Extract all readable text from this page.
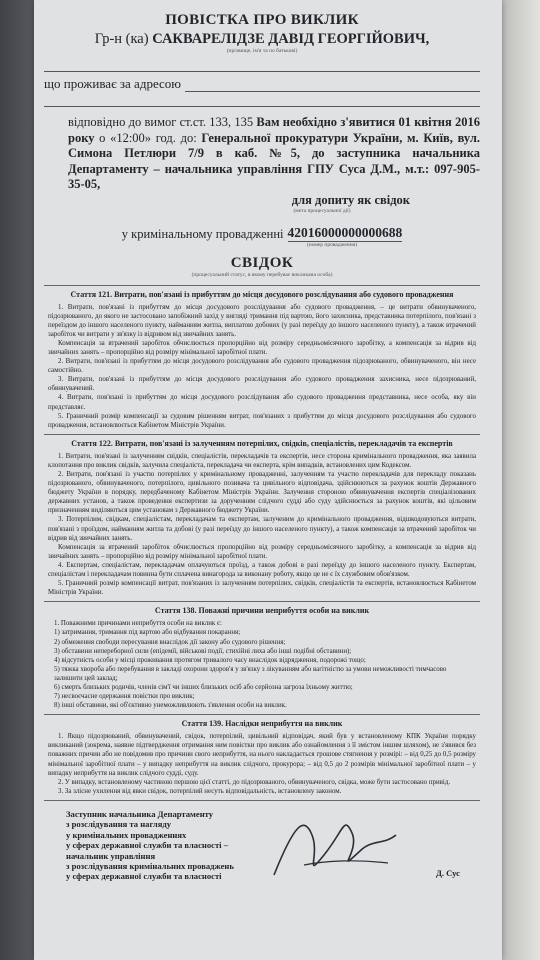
ПОВІСТКА ПРО ВИКЛИК
Гр-н (ка) САКВАРЕЛІДЗЕ ДАВІД ГЕОРГІЙОВИЧ,
(прізвище, ім'я та по батькові)
що проживає за адресою
відповідно до вимог ст.ст. 133, 135 Вам необхідно з'явитися 01 квітня 2016 року о «12:00» год. до: Генеральної прокуратури України, м. Київ, вул. Симона Петлюри 7/9 в каб. №5, до заступника начальника Департаменту – начальника управління ГПУ Суса Д.М., м.т.: 097-905-35-05,
для допиту як свідок
(мета процесуальної дії)
у кримінальному провадженні 42016000000000688
(номер провадження)
СВІДОК
(процесуальний статус, в якому перебуває викликана особа)
Стаття 121. Витрати, пов'язані із прибуттям до місця досудового розслідування або судового провадження
1. Витрати, пов'язані із прибуттям до місця досудового розслідування або судового провадження, – це витрати обвинуваченого, підозрюваного, до якого не застосовано запобіжний захід у вигляді тримання під вартою, його захисника, представника потерпілого, пов'язані з переїздом до іншого населеного пункту, найманням житла, виплатою добових (у разі переїзду до іншого населеного пункту), а також втрачений заробіток чи витрати у зв'язку із відривом від звичайних занять.
Компенсація за втрачений заробіток обчислюється пропорційно від розміру середньомісячного заробітку, а компенсація за відрив від звичайних занять – пропорційно від розміру мінімальної заробітної плати.
2. Витрати, пов'язані із прибуттям до місця досудового розслідування або судового провадження підозрюваного, обвинуваченого, він несе самостійно.
3. Витрати, пов'язані із прибуттям до місця досудового розслідування або судового провадження захисника, несе підозрюваний, обвинувачений.
4. Витрати, пов'язані із прибуттям до місця досудового розслідування або судового провадження представника, несе особа, яку він представляє.
5. Граничний розмір компенсації за судовим рішенням витрат, пов'язаних з прибуттям до місця досудового розслідування або судового провадження, встановлюється Кабінетом Міністрів України.
Стаття 122. Витрати, пов'язані із залученням потерпілих, свідків, спеціалістів, перекладачів та експертів
1. Витрати, пов'язані із залученням свідків, спеціалістів, перекладачів та експертів, несе сторона кримінального провадження, яка заявила клопотання про виклик свідків, залучила спеціаліста, перекладача чи експерта, крім випадків, встановлених цим Кодексом.
2. Витрати, пов'язані із участю потерпілих у кримінальному провадженні, залученням та участю перекладачів для перекладу показань підозрюваного, обвинуваченого, потерпілого, цивільного позивача та цивільного відповідача, здійснюються за рахунок коштів Державного бюджету України в порядку, передбаченому Кабінетом Міністрів України. Залучення стороною обвинувачення експертів спеціалізованих державних установ, а також проведення експертизи за дорученням слідчого судді або суду здійснюється за рахунок коштів, які цільовим призначенням виділяються цим установам з Державного бюджету України.
3. Потерпілим, свідкам, спеціалістам, перекладачам та експертам, залученим до кримінального провадження, відшкодовуються витрати, пов'язані з проїздом, найманням житла та добові (у разі переїзду до іншого населеного пункту), а також компенсація за втрачений заробіток чи відрив від звичайних занять.
Компенсація за втрачений заробіток обчислюється пропорційно від розміру середньомісячного заробітку, а компенсація за відрив від звичайних занять – пропорційно від розміру мінімальної заробітної плати.
4. Експертам, спеціалістам, перекладачам оплачуються проїзд, а також добові в разі переїзду до іншого населеного пункту. Експертам, спеціалістам і перекладачам повинна бути сплачена винагорода за виконану роботу, якщо це не є їх службовим обов'язком.
5. Граничний розмір компенсації витрат, пов'язаних із залученням потерпілих, свідків, спеціалістів та експертів, встановлюється Кабінетом Міністрів України.
Стаття 138. Поважні причини неприбуття особи на виклик
1. Поважними причинами неприбуття особи на виклик є:
1) затримання, тримання під вартою або відбування покарання;
2) обмеження свободи пересування внаслідок дії закону або судового рішення;
3) обставини непереборної сили (епідемії, військові події, стихійні лиха або інші подібні обставини);
4) відсутність особи у місці проживання протягом тривалого часу внаслідок відрядження, подорожі тощо;
5) тяжка хвороба або перебування в закладі охорони здоров'я у зв'язку з лікуванням або вагітністю за умови неможливості тимчасово залишити цей заклад;
6) смерть близьких родичів, членів сім'ї чи інших близьких осіб або серйозна загроза їхньому життю;
7) несвоєчасне одержання повістки про виклик;
8) інші обставини, які об'єктивно унеможливлюють з'явлення особи на виклик.
Стаття 139. Наслідки неприбуття на виклик
1. Якщо підозрюваний, обвинувачений, свідок, потерпілий, цивільний відповідач, який був у встановленому КПК України порядку викликаний (зокрема, наявне підтвердження отримання ним повістки про виклик або ознайомлення з її змістом іншим шляхом), не з'явився без поважних причин або не повідомив про причини свого неприбуття, на нього накладається грошове стягнення у розмірі: – від 0,25 до 0,5 розміру мінімальної заробітної плати – у випадку неприбуття на виклик слідчого, прокурора; – від 0,5 до 2 розмірів мінімальної заробітної плати – у випадку неприбуття на виклик слідчого судді, суду.
2. У випадку, встановленому частиною першою цієї статті, до підозрюваного, обвинуваченого, свідка, може бути застосовано привід.
3. За злісне ухилення від явки свідок, потерпілий несуть відповідальність, встановлену законом.
Заступник начальника Департаменту
з розслідування та нагляду
у кримінальних провадженнях
у сферах державної служби та власності –
начальник управління
з розслідування кримінальних проваджень
у сферах державної служби та власності	Д. Сус
